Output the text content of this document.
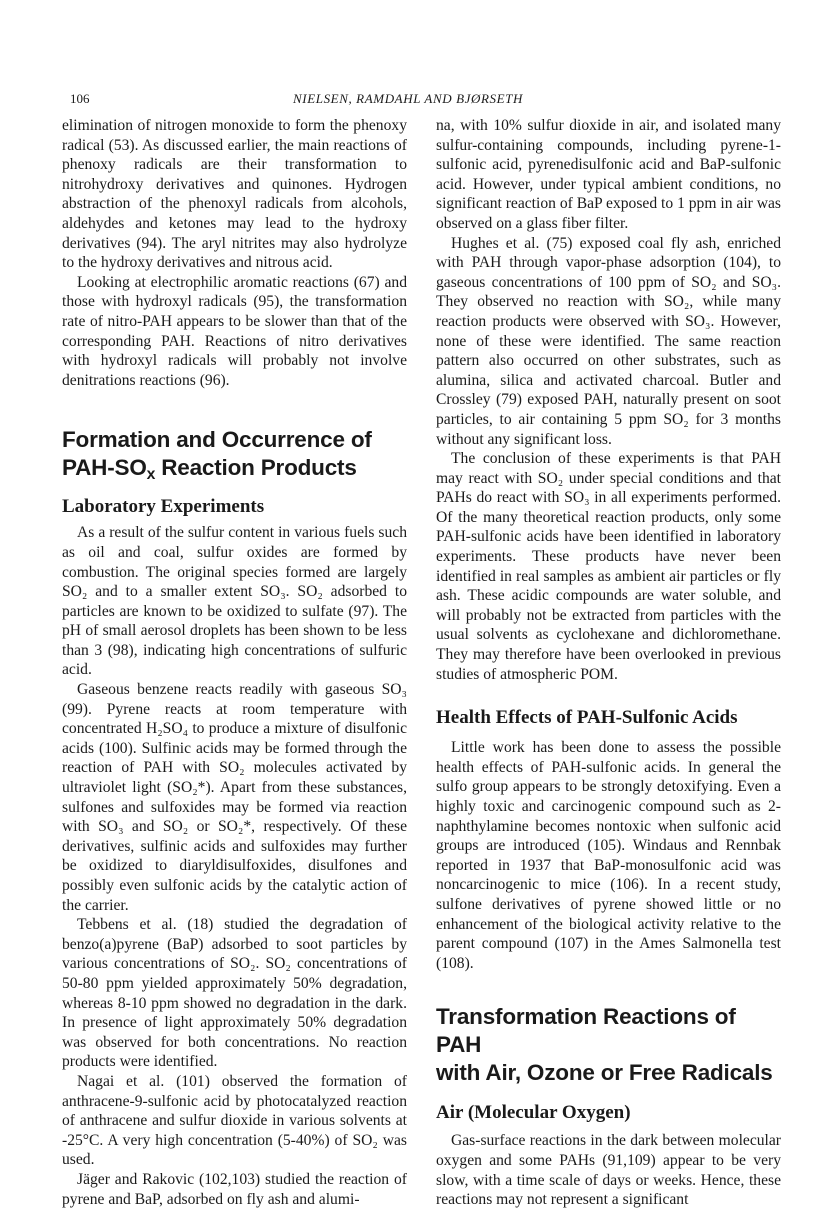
106	NIELSEN, RAMDAHL AND BJØRSETH

elimination of nitrogen monoxide to form the phenoxy radical (53). As discussed earlier, the main reactions of phenoxy radicals are their transformation to nitrohydroxy derivatives and quinones. Hydrogen abstraction of the phenoxyl radicals from alcohols, aldehydes and ketones may lead to the hydroxy derivatives (94). The aryl nitrites may also hydrolyze to the hydroxy derivatives and nitrous acid.

Looking at electrophilic aromatic reactions (67) and those with hydroxyl radicals (95), the transformation rate of nitro-PAH appears to be slower than that of the corresponding PAH. Reactions of nitro derivatives with hydroxyl radicals will probably not involve denitrations reactions (96).

Formation and Occurrence of
PAH-$SO_x$ Reaction Products
Laboratory Experiments

As a result of the sulfur content in various fuels such as oil and coal, sulfur oxides are formed by combustion. The original species formed are largely SO₂ and to a smaller extent SO₃. SO₂ adsorbed to particles are known to be oxidized to sulfate (97). The pH of small aerosol droplets has been shown to be less than 3 (98), indicating high concentrations of sulfuric acid.

Gaseous benzene reacts readily with gaseous SO₃ (99). Pyrene reacts at room temperature with concentrated H₂SO₄ to produce a mixture of disulfonic acids (100). Sulfinic acids may be formed through the reaction of PAH with SO₂ molecules activated by ultraviolet light (SO₂*). Apart from these substances, sulfones and sulfoxides may be formed via reaction with SO₃ and SO₂ or SO₂*, respectively. Of these derivatives, sulfinic acids and sulfoxides may further be oxidized to diaryldisulfoxides, disulfones and possibly even sulfonic acids by the catalytic action of the carrier.

Tebbens et al. (18) studied the degradation of benzo(a)pyrene (BaP) adsorbed to soot particles by various concentrations of SO₂. SO₂ concentrations of 50-80 ppm yielded approximately 50% degradation, whereas 8-10 ppm showed no degradation in the dark. In presence of light approximately 50% degradation was observed for both concentrations. No reaction products were identified.

Nagai et al. (101) observed the formation of anthracene-9-sulfonic acid by photocatalyzed reaction of anthracene and sulfur dioxide in various solvents at -25°C. A very high concentration (5-40%) of SO₂ was used.

Jäger and Rakovic (102,103) studied the reaction of pyrene and BaP, adsorbed on fly ash and alumi-

na, with 10% sulfur dioxide in air, and isolated many sulfur-containing compounds, including pyrene-1-sulfonic acid, pyrenedisulfonic acid and BaP-sulfonic acid. However, under typical ambient conditions, no significant reaction of BaP exposed to 1 ppm in air was observed on a glass fiber filter.

Hughes et al. (75) exposed coal fly ash, enriched with PAH through vapor-phase adsorption (104), to gaseous concentrations of 100 ppm of SO₂ and SO₃. They observed no reaction with SO₂, while many reaction products were observed with SO₃. However, none of these were identified. The same reaction pattern also occurred on other substrates, such as alumina, silica and activated charcoal. Butler and Crossley (79) exposed PAH, naturally present on soot particles, to air containing 5 ppm SO₂ for 3 months without any significant loss.

The conclusion of these experiments is that PAH may react with SO₂ under special conditions and that PAHs do react with SO₃ in all experiments performed. Of the many theoretical reaction products, only some PAH-sulfonic acids have been identified in laboratory experiments. These products have never been identified in real samples as ambient air particles or fly ash. These acidic compounds are water soluble, and will probably not be extracted from particles with the usual solvents as cyclohexane and dichloromethane. They may therefore have been overlooked in previous studies of atmospheric POM.

Health Effects of PAH-Sulfonic Acids

Little work has been done to assess the possible health effects of PAH-sulfonic acids. In general the sulfo group appears to be strongly detoxifying. Even a highly toxic and carcinogenic compound such as 2-naphthylamine becomes nontoxic when sulfonic acid groups are introduced (105). Windaus and Rennbak reported in 1937 that BaP-monosulfonic acid was noncarcinogenic to mice (106). In a recent study, sulfone derivatives of pyrene showed little or no enhancement of the biological activity relative to the parent compound (107) in the Ames Salmonella test (108).

Transformation Reactions of PAH
with Air, Ozone or Free Radicals
Air (Molecular Oxygen)

Gas-surface reactions in the dark between molecular oxygen and some PAHs (91,109) appear to be very slow, with a time scale of days or weeks. Hence, these reactions may not represent a significant
